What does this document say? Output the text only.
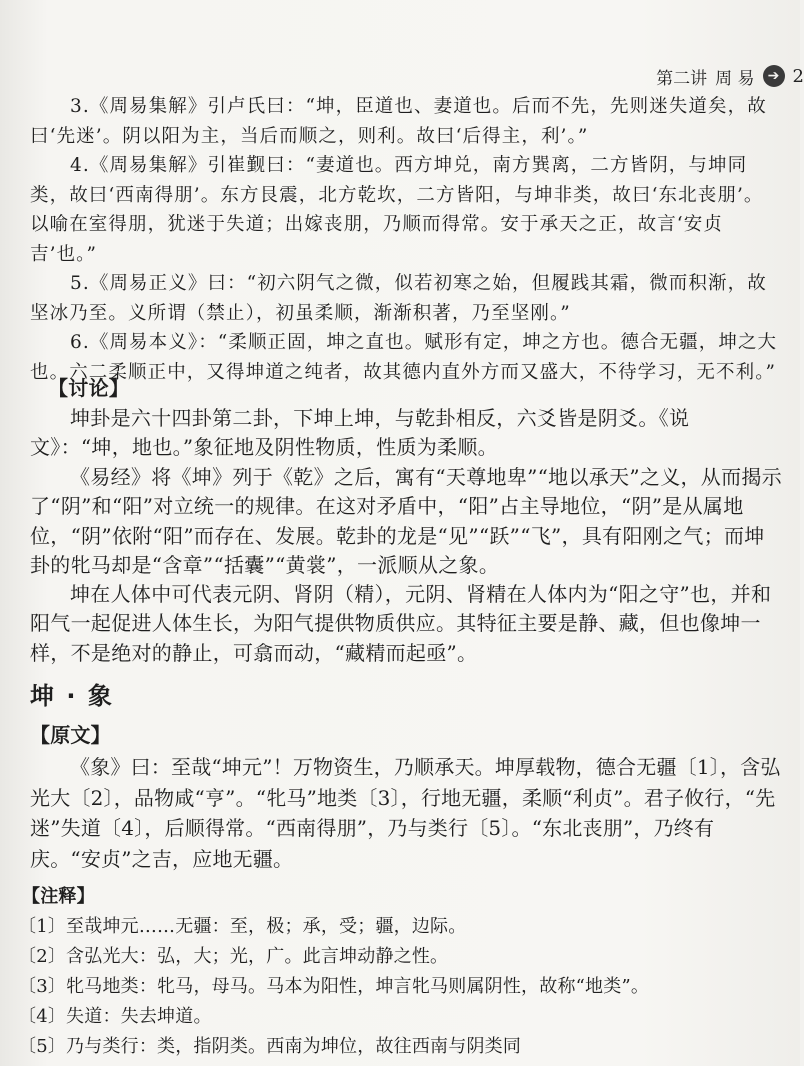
第二讲 周 易 ➔ 2
3.《周易集解》引卢氏曰：“坤，臣道也、妻道也。后而不先，先则迷失道矣，故曰‘先迷’。阴以阳为主，当后而顺之，则利。故曰‘后得主，利’。”
4.《周易集解》引崔觐曰：“妻道也。西方坤兑，南方巽离，二方皆阴，与坤同类，故曰‘西南得朋’。东方艮震，北方乾坎，二方皆阳，与坤非类，故曰‘东北丧朋’。以喻在室得朋，犹迷于失道；出嫁丧朋，乃顺而得常。安于承天之正，故言‘安贞吉’也。”
5.《周易正义》曰：“初六阴气之微，似若初寒之始，但履践其霜，微而积渐，故坚冰乃至。义所谓（禁止），初虽柔顺，渐渐积著，乃至坚刚。”
6.《周易本义》：“柔顺正固，坤之直也。赋形有定，坤之方也。德合无疆，坤之大也。六二柔顺正中，又得坤道之纯者，故其德内直外方而又盛大，不待学习，无不利。”
【讨论】
坤卦是六十四卦第二卦，下坤上坤，与乾卦相反，六爻皆是阴爻。《说文》：“坤，地也。”象征地及阴性物质，性质为柔顺。
《易经》将《坤》列于《乾》之后，寓有“天尊地卑”“地以承天”之义，从而揭示了“阴”和“阳”对立统一的规律。在这对矛盾中，“阳”占主导地位，“阴”是从属地位，“阴”依附“阳”而存在、发展。乾卦的龙是“见”“跃”“飞”，具有阳刚之气；而坤卦的牝马却是“含章”“括囊”“黄裳”，一派顺从之象。
坤在人体中可代表元阴、肾阴（精），元阴、肾精在人体内为“阳之守”也，并和阳气一起促进人体生长，为阳气提供物质供应。其特征主要是静、藏，但也像坤一样，不是绝对的静止，可翕而动，“藏精而起亟”。
坤 · 象
【原文】
《象》曰：至哉“坤元”！万物资生，乃顺承天。坤厚载物，德合无疆〔1〕，含弘光大〔2〕，品物咸“亨”。“牝马”地类〔3〕，行地无疆，柔顺“利贞”。君子攸行，“先迷”失道〔4〕，后顺得常。“西南得朋”，乃与类行〔5〕。“东北丧朋”，乃终有庆。“安贞”之吉，应地无疆。
【注释】
〔1〕至哉坤元……无疆：至，极；承，受；疆，边际。
〔2〕含弘光大：弘，大；光，广。此言坤动静之性。
〔3〕牝马地类：牝马，母马。马本为阳性，坤言牝马则属阴性，故称“地类”。
〔4〕失道：失去坤道。
〔5〕乃与类行：类，指阴类。西南为坤位，故往西南与阴类同
